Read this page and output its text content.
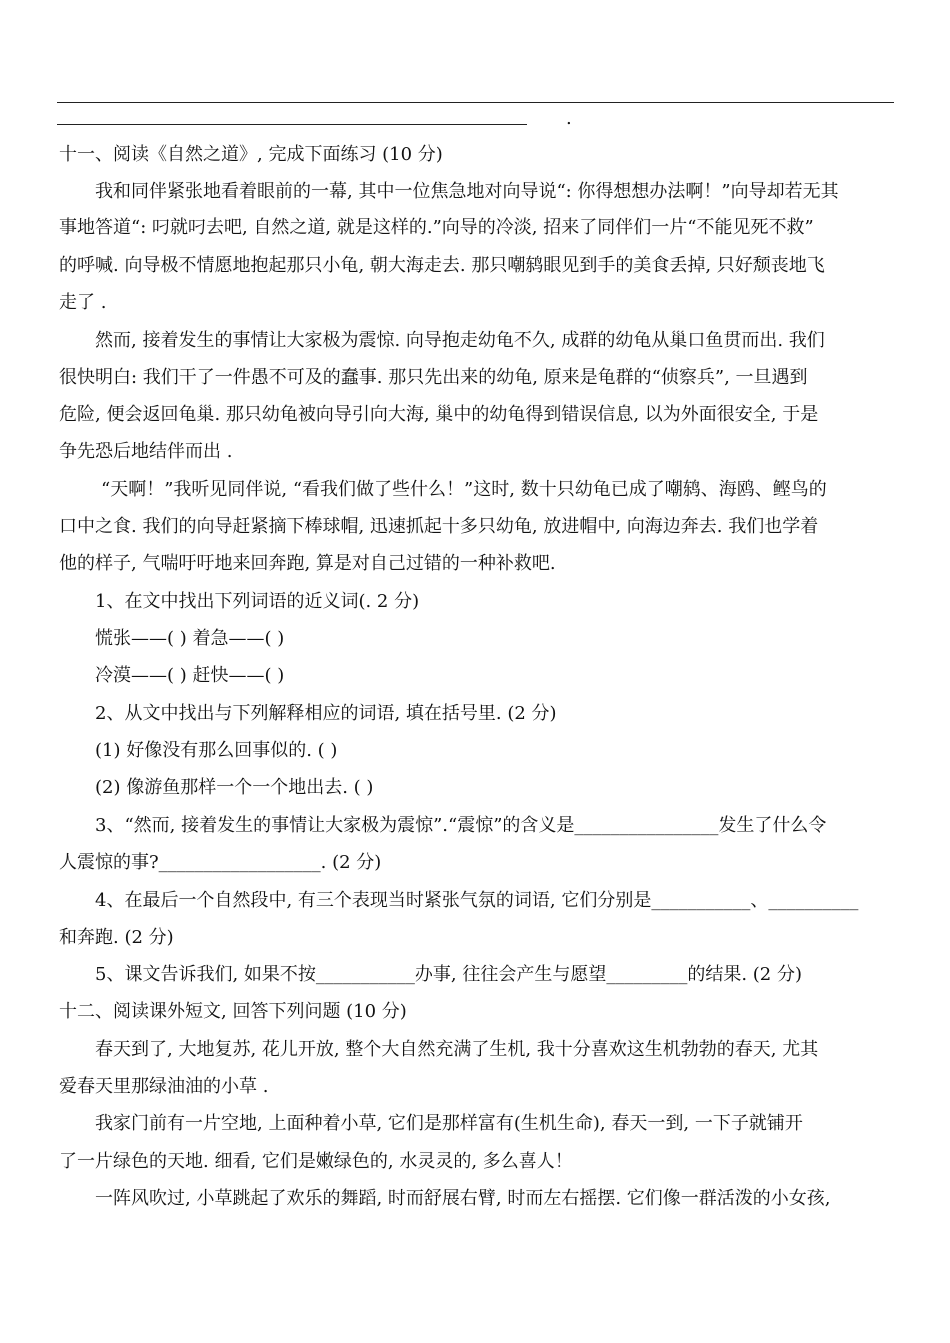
.
十一、阅读《自然之道》, 完成下面练习 (10 分)
我和同伴紧张地看着眼前的一幕, 其中一位焦急地对向导说“: 你得想想办法啊！”向导却若无其
事地答道“: 叼就叼去吧, 自然之道, 就是这样的.”向导的冷淡, 招来了同伴们一片“不能见死不救”
的呼喊. 向导极不情愿地抱起那只小龟, 朝大海走去. 那只嘲鸫眼见到手的美食丢掉, 只好颓丧地飞
走了 .
然而, 接着发生的事情让大家极为震惊. 向导抱走幼龟不久, 成群的幼龟从巢口鱼贯而出. 我们
很快明白: 我们干了一件愚不可及的蠢事. 那只先出来的幼龟, 原来是龟群的“侦察兵”, 一旦遇到
危险, 便会返回龟巢. 那只幼龟被向导引向大海, 巢中的幼龟得到错误信息, 以为外面很安全, 于是
争先恐后地结伴而出 .
“天啊！”我听见同伴说, “看我们做了些什么！”这时, 数十只幼龟已成了嘲鸫、海鸥、鲣鸟的
口中之食. 我们的向导赶紧摘下棒球帽, 迅速抓起十多只幼龟, 放进帽中, 向海边奔去. 我们也学着
他的样子, 气喘吁吁地来回奔跑, 算是对自己过错的一种补救吧.
1、在文中找出下列词语的近义词(. 2 分)
慌张——( ) 着急——( )
冷漠——( ) 赶快——( )
2、从文中找出与下列解释相应的词语, 填在括号里. (2 分)
(1) 好像没有那么回事似的. ( )
(2) 像游鱼那样一个一个地出去. ( )
3、“然而, 接着发生的事情让大家极为震惊”.“震惊”的含义是________________发生了什么令
人震惊的事?__________________. (2 分)
4、在最后一个自然段中, 有三个表现当时紧张气氛的词语, 它们分别是___________、__________
和奔跑. (2 分)
5、课文告诉我们, 如果不按___________办事, 往往会产生与愿望_________的结果. (2 分)
十二、阅读课外短文, 回答下列问题 (10 分)
春天到了, 大地复苏, 花儿开放, 整个大自然充满了生机, 我十分喜欢这生机勃勃的春天, 尤其
爱春天里那绿油油的小草 .
我家门前有一片空地, 上面种着小草, 它们是那样富有(生机生命), 春天一到, 一下子就铺开
了一片绿色的天地. 细看, 它们是嫩绿色的, 水灵灵的, 多么喜人！
一阵风吹过, 小草跳起了欢乐的舞蹈, 时而舒展右臂, 时而左右摇摆. 它们像一群活泼的小女孩,
